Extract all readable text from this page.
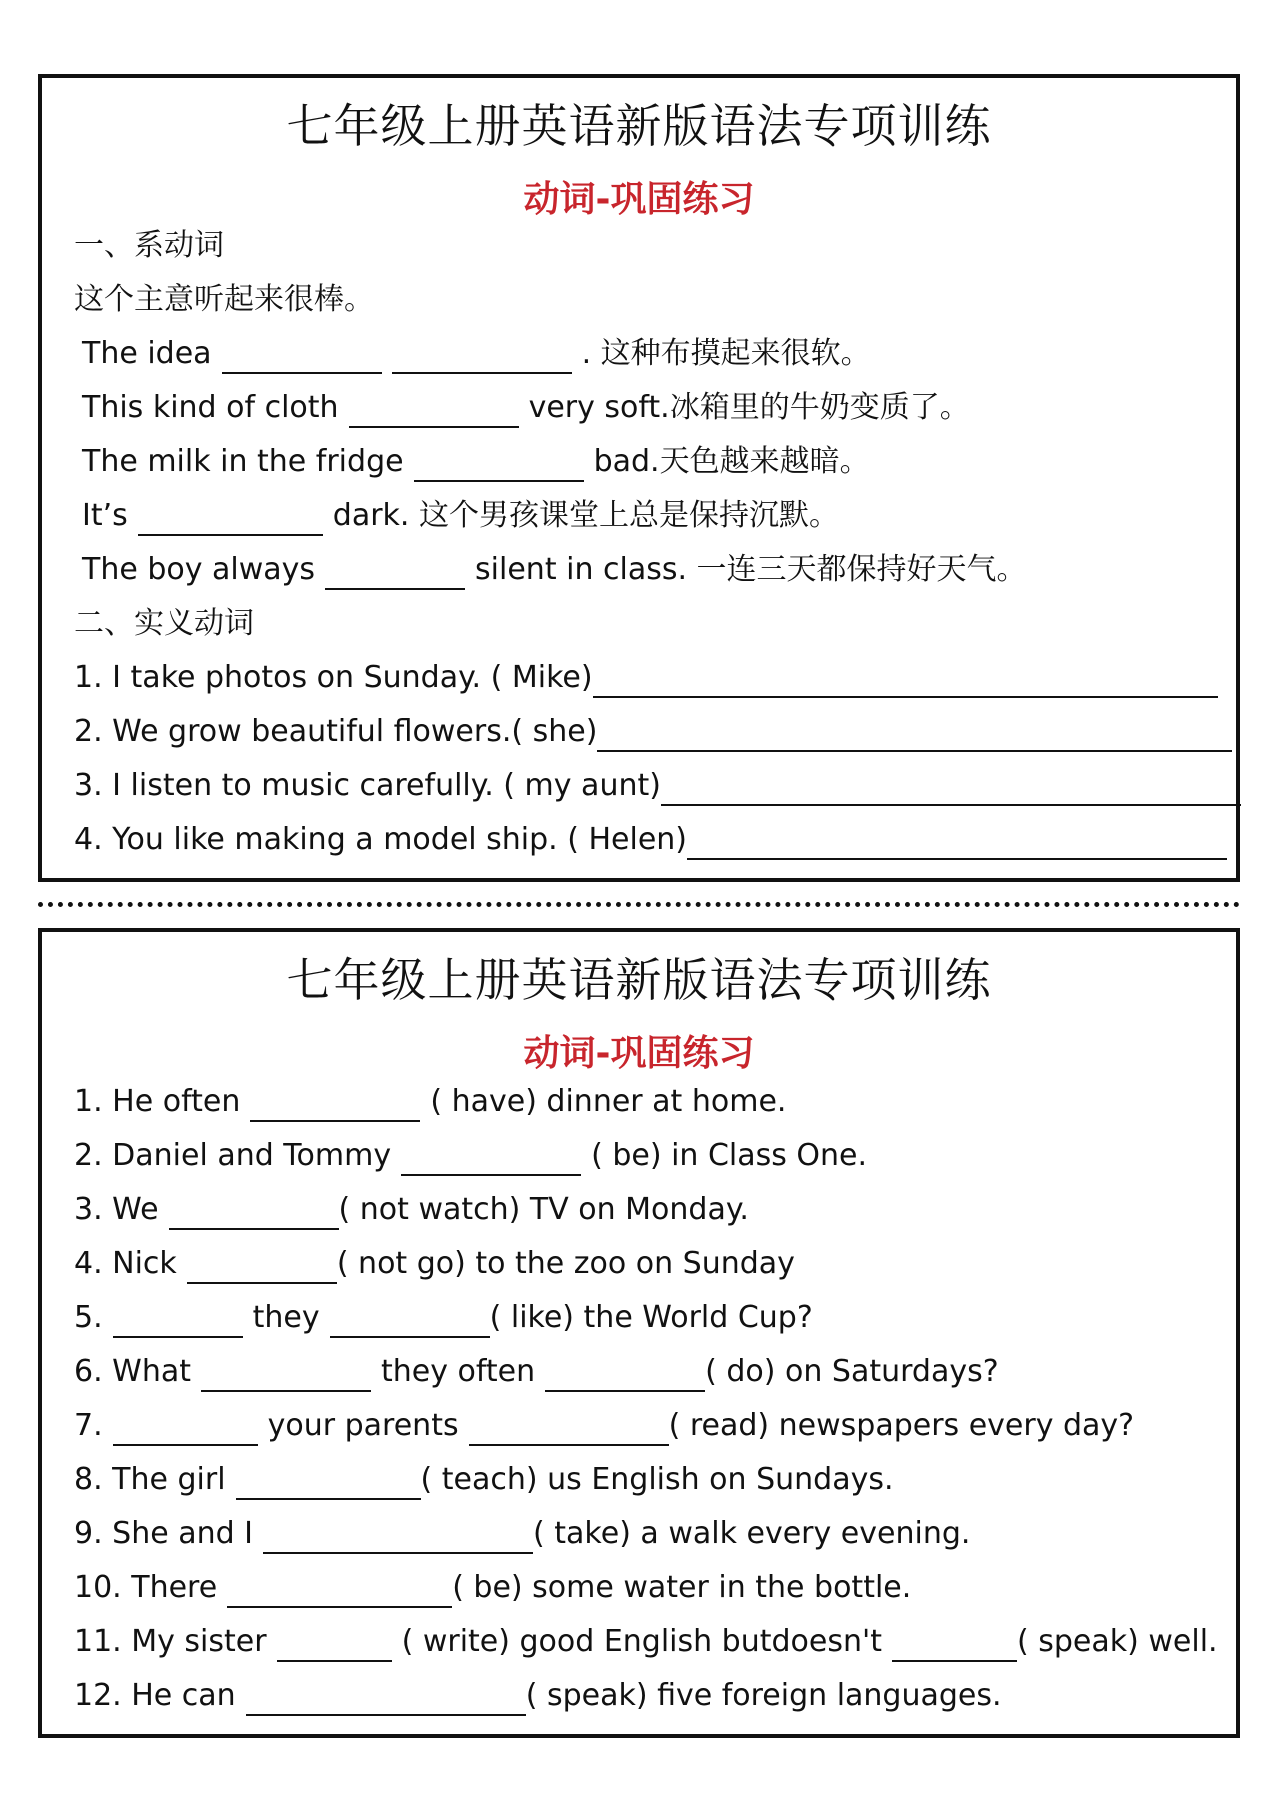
七年级上册英语新版语法专项训练
动词-巩固练习
一、系动词
这个主意听起来很棒。
The idea	. 这种布摸起来很软。
This kind of cloth	very soft.冰箱里的牛奶变质了。
The milk in the fridge	bad.天色越来越暗。
It’s	dark. 这个男孩课堂上总是保持沉默。
The boy always	silent in class. 一连三天都保持好天气。
二、实义动词
1. I take photos on Sunday. ( Mike)
2. We grow beautiful flowers.( she)
3. I listen to music carefully. ( my aunt)
4. You like making a model ship. ( Helen)
七年级上册英语新版语法专项训练
动词-巩固练习
1. He often	( have) dinner at home.
2. Daniel and Tommy	( be) in Class One.
3. We	( not watch) TV on Monday.
4. Nick	( not go) to the zoo on Sunday
5.	they	( like) the World Cup?
6. What	they often	( do) on Saturdays?
7.	your parents	( read) newspapers every day?
8. The girl	( teach) us English on Sundays.
9. She and I	( take) a walk every evening.
10. There	( be) some water in the bottle.
11. My sister	( write) good English butdoesn't	( speak) well.
12. He can	( speak) five foreign languages.
